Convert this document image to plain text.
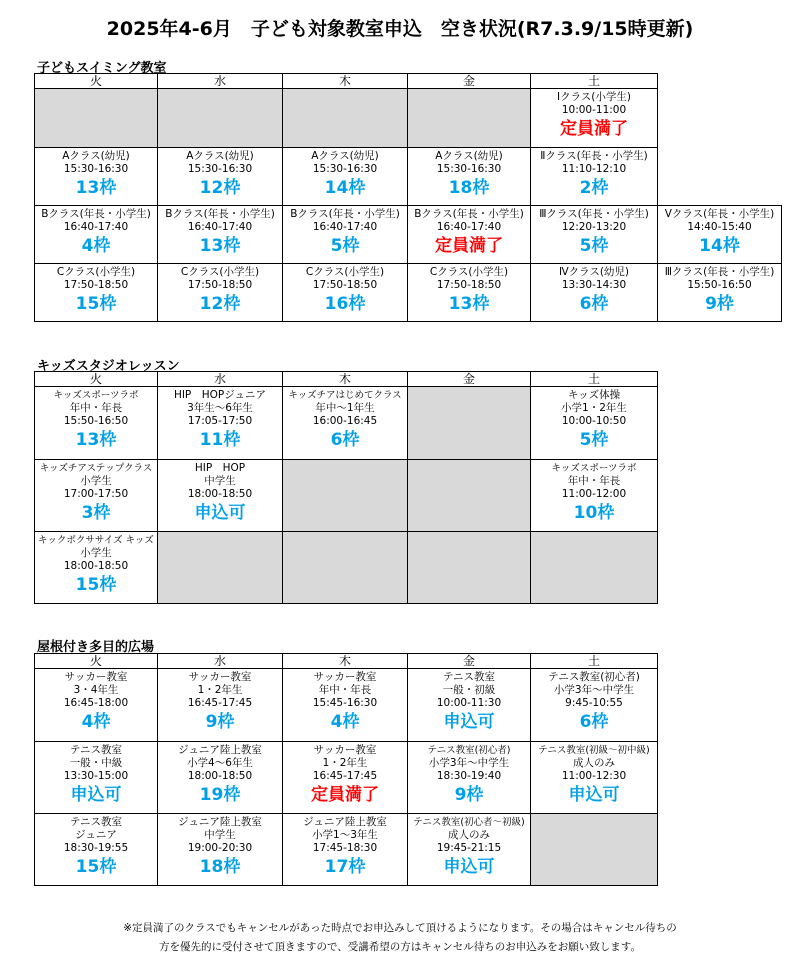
2025年4-6月　子ども対象教室申込　空き状況(R7.3.9/15時更新)
子どもスイミング教室
火	水	木	金	土	

				Ⅰクラス(小学生)
10:00-11:00
定員満了	

Aクラス(幼児)
15:30-16:30
13枠	Aクラス(幼児)
15:30-16:30
12枠	Aクラス(幼児)
15:30-16:30
14枠	Aクラス(幼児)
15:30-16:30
18枠	Ⅱクラス(年長・小学生)
11:10-12:10
2枠	

Bクラス(年長・小学生)
16:40-17:40
4枠	Bクラス(年長・小学生)
16:40-17:40
13枠	Bクラス(年長・小学生)
16:40-17:40
5枠	Bクラス(年長・小学生)
16:40-17:40
定員満了	Ⅲクラス(年長・小学生)
12:20-13:20
5枠	Ⅴクラス(年長・小学生)
14:40-15:40
14枠

Cクラス(小学生)
17:50-18:50
15枠	Cクラス(小学生)
17:50-18:50
12枠	Cクラス(小学生)
17:50-18:50
16枠	Cクラス(小学生)
17:50-18:50
13枠	Ⅳクラス(幼児)
13:30-14:30
6枠	Ⅲクラス(年長・小学生)
15:50-16:50
9枠
キッズスタジオレッスン
火	水	木	金	土

キッズスポーツラボ
年中・年長
15:50-16:50
13枠	HIP　HOPジュニア
3年生～6年生
17:05-17:50
11枠	キッズチアはじめてクラス
年中～1年生
16:00-16:45
6枠		キッズ体操
小学1・2年生
10:00-10:50
5枠

キッズチアステップクラス
小学生
17:00-17:50
3枠	HIP　HOP
中学生
18:00-18:50
申込可			キッズスポーツラボ
年中・年長
11:00-12:00
10枠

キックボクササイズ キッズ
小学生
18:00-18:50
15枠				

屋根付き多目的広場
火	水	木	金	土

サッカー教室
3・4年生
16:45-18:00
4枠	サッカー教室
1・2年生
16:45-17:45
9枠	サッカー教室
年中・年長
15:45-16:30
4枠	テニス教室
一般・初級
10:00-11:30
申込可	テニス教室(初心者)
小学3年～中学生
9:45-10:55
6枠

テニス教室
一般・中級
13:30-15:00
申込可	ジュニア陸上教室
小学4～6年生
18:00-18:50
19枠	サッカー教室
1・2年生
16:45-17:45
定員満了	テニス教室(初心者)
小学3年～中学生
18:30-19:40
9枠	テニス教室(初級～初中級)
成人のみ
11:00-12:30
申込可

テニス教室
ジュニア
18:30-19:55
15枠	ジュニア陸上教室
中学生
19:00-20:30
18枠	ジュニア陸上教室
小学1～3年生
17:45-18:30
17枠	テニス教室(初心者～初級)
成人のみ
19:45-21:15
申込可	

※定員満了のクラスでもキャンセルがあった時点でお申込みして頂けるようになります。その場合はキャンセル待ちの
方を優先的に受付させて頂きますので、受講希望の方はキャンセル待ちのお申込みをお願い致します。
